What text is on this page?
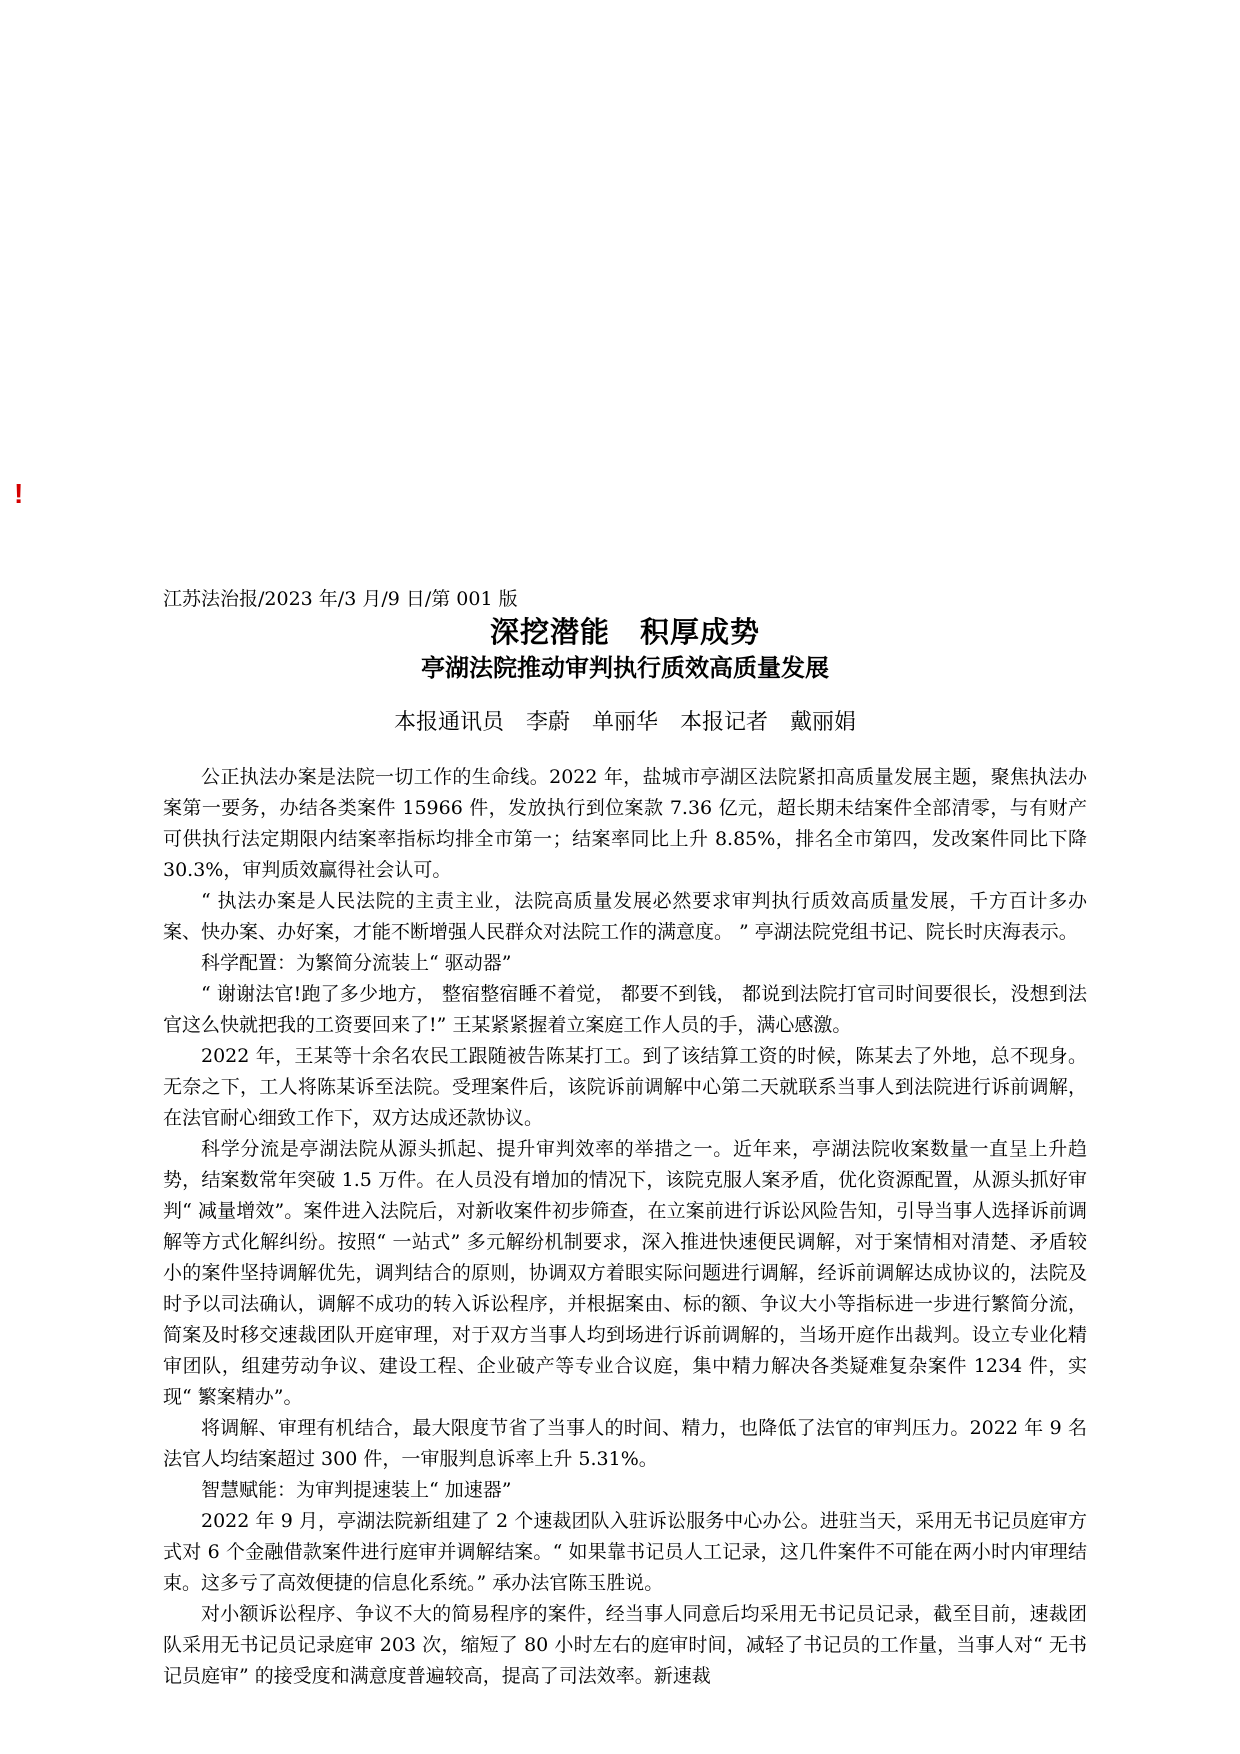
!

江苏法治报/2023 年/3 月/9 日/第 001 版

深挖潜能　积厚成势
亭湖法院推动审判执行质效高质量发展

本报通讯员　李蔚　单丽华　本报记者　戴丽娟

公正执法办案是法院一切工作的生命线。2022 年，盐城市亭湖区法院紧扣高质量发展主题，聚焦执法办案第一要务，办结各类案件 15966 件，发放执行到位案款 7.36 亿元，超长期未结案件全部清零，与有财产可供执行法定期限内结案率指标均排全市第一；结案率同比上升 8.85%，排名全市第四，发改案件同比下降 30.3%，审判质效赢得社会认可。

“ 执法办案是人民法院的主责主业，法院高质量发展必然要求审判执行质效高质量发展，千方百计多办案、快办案、办好案，才能不断增强人民群众对法院工作的满意度。 ” 亭湖法院党组书记、院长时庆海表示。

科学配置：为繁简分流装上“ 驱动器”

“ 谢谢法官!跑了多少地方， 整宿整宿睡不着觉， 都要不到钱， 都说到法院打官司时间要很长，没想到法官这么快就把我的工资要回来了!” 王某紧紧握着立案庭工作人员的手，满心感激。

2022 年，王某等十余名农民工跟随被告陈某打工。到了该结算工资的时候，陈某去了外地，总不现身。无奈之下，工人将陈某诉至法院。受理案件后，该院诉前调解中心第二天就联系当事人到法院进行诉前调解，在法官耐心细致工作下，双方达成还款协议。

科学分流是亭湖法院从源头抓起、提升审判效率的举措之一。近年来，亭湖法院收案数量一直呈上升趋势，结案数常年突破 1.5 万件。在人员没有增加的情况下，该院克服人案矛盾，优化资源配置，从源头抓好审判“ 减量增效”。案件进入法院后，对新收案件初步筛查，在立案前进行诉讼风险告知，引导当事人选择诉前调解等方式化解纠纷。按照“ 一站式” 多元解纷机制要求，深入推进快速便民调解，对于案情相对清楚、矛盾较小的案件坚持调解优先，调判结合的原则，协调双方着眼实际问题进行调解，经诉前调解达成协议的，法院及时予以司法确认，调解不成功的转入诉讼程序，并根据案由、标的额、争议大小等指标进一步进行繁简分流，简案及时移交速裁团队开庭审理，对于双方当事人均到场进行诉前调解的，当场开庭作出裁判。设立专业化精审团队，组建劳动争议、建设工程、企业破产等专业合议庭，集中精力解决各类疑难复杂案件 1234 件，实现“ 繁案精办”。

将调解、审理有机结合，最大限度节省了当事人的时间、精力，也降低了法官的审判压力。2022 年 9 名法官人均结案超过 300 件，一审服判息诉率上升 5.31%。

智慧赋能：为审判提速装上“ 加速器”

2022 年 9 月，亭湖法院新组建了 2 个速裁团队入驻诉讼服务中心办公。进驻当天，采用无书记员庭审方式对 6 个金融借款案件进行庭审并调解结案。“ 如果靠书记员人工记录，这几件案件不可能在两小时内审理结束。这多亏了高效便捷的信息化系统。” 承办法官陈玉胜说。

对小额诉讼程序、争议不大的简易程序的案件，经当事人同意后均采用无书记员记录，截至目前，速裁团队采用无书记员记录庭审 203 次，缩短了 80 小时左右的庭审时间，减轻了书记员的工作量，当事人对“ 无书记员庭审” 的接受度和满意度普遍较高，提高了司法效率。新速裁
